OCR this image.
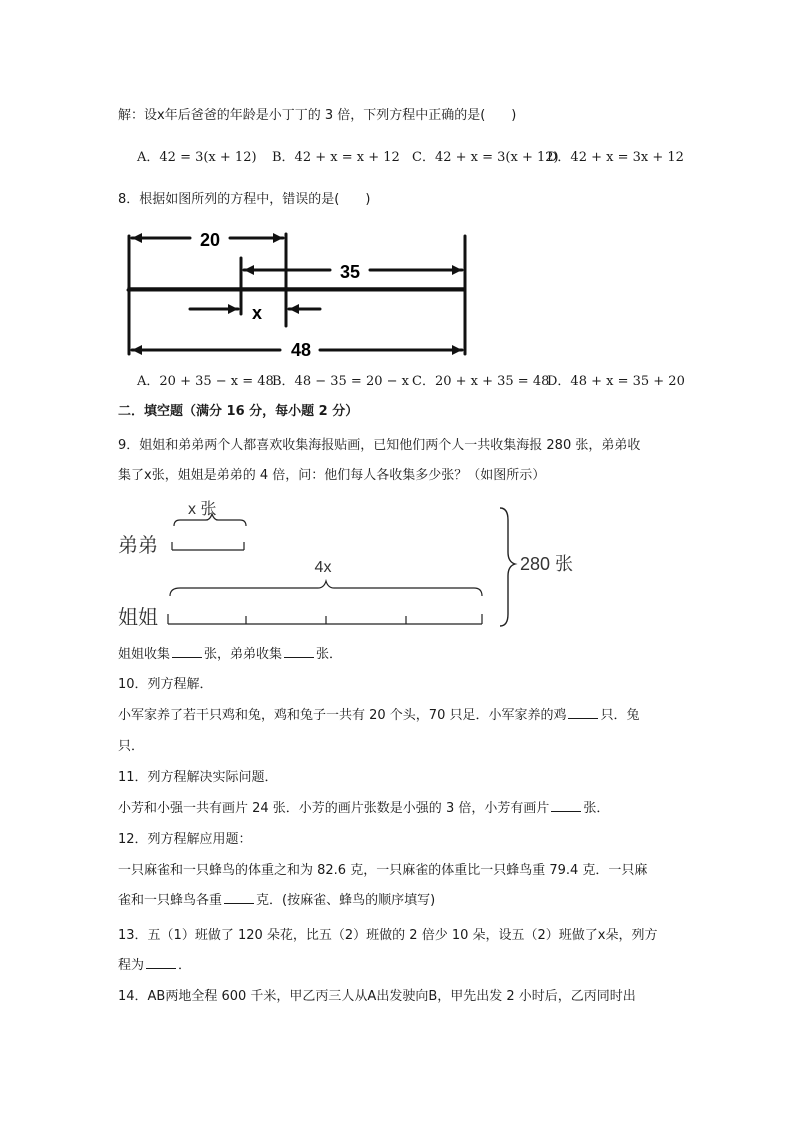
解：设x年后爸爸的年龄是小丁丁的 3 倍，下列方程中正确的是(　　)
A．42 = 3(x + 12) B．42 + x = x + 12 C．42 + x = 3(x + 12)
D．42 + x = 3x + 12
8．根据如图所列的方程中，错误的是(　　)
20
35
x
48
A．20 + 35 − x = 48
B．48 − 35 = 20 − x C．20 + x + 35 = 48
D．48 + x = 35 + 20
二．填空题（满分 16 分，每小题 2 分）
9．姐姐和弟弟两个人都喜欢收集海报贴画，已知他们两个人一共收集海报 280 张，弟弟收
集了x张，姐姐是弟弟的 4 倍，问：他们每人各收集多少张？（如图所示）
弟弟
姐姐
x 张
4x	280 张
姐姐收集	张，弟弟收集	张．
10．列方程解．
小军家养了若干只鸡和兔，鸡和兔子一共有 20 个头，70 只足．小军家养的鸡	只．兔
只．
11．列方程解决实际问题．
小芳和小强一共有画片 24 张．小芳的画片张数是小强的 3 倍，小芳有画片	张．
12．列方程解应用题：
一只麻雀和一只蜂鸟的体重之和为 82.6 克，一只麻雀的体重比一只蜂鸟重 79.4 克．一只麻
雀和一只蜂鸟各重	克．(按麻雀、蜂鸟的顺序填写)
13．五（1）班做了 120 朵花，比五（2）班做的 2 倍少 10 朵，设五（2）班做了x朵，列方
程为	．
14．AB两地全程 600 千米，甲乙丙三人从A出发驶向B，甲先出发 2 小时后，乙丙同时出
